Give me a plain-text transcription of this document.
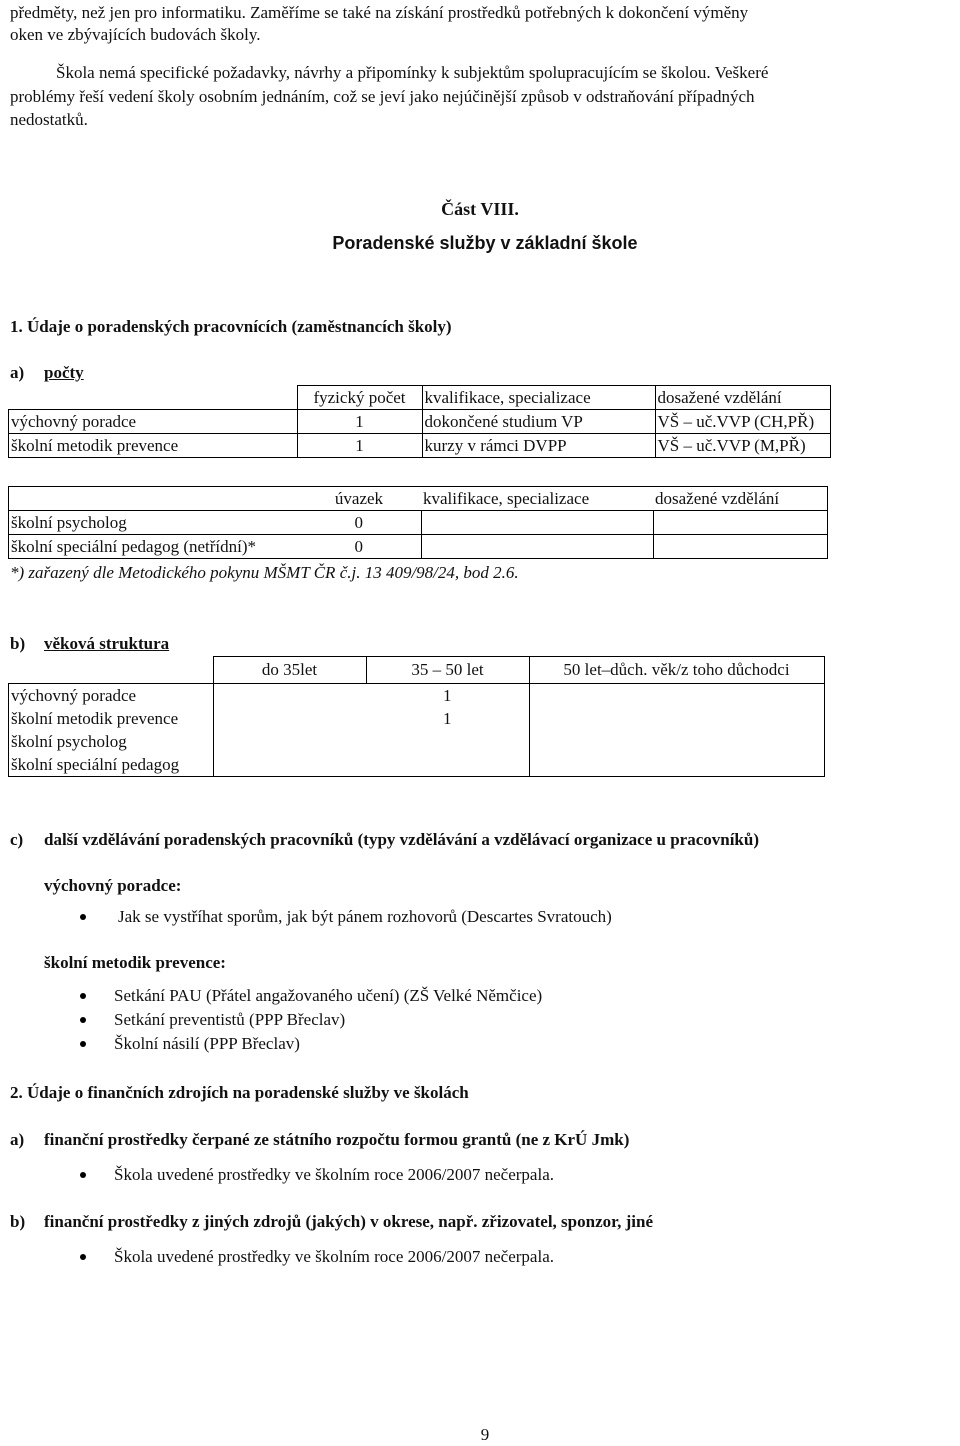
předměty, než jen pro informatiku. Zaměříme se také na získání prostředků potřebných k dokončení výměny
oken ve zbývajících budovách školy.
Škola nemá specifické požadavky, návrhy a připomínky k subjektům spolupracujícím se školou. Veškeré
problémy řeší vedení školy osobním jednáním, což se jeví jako nejúčinější způsob v odstraňování případných
nedostatků.
Část VIII.
Poradenské služby v základní škole
1. Údaje o poradenských pracovnících (zaměstnancích školy)
a) počty
	fyzický počet	kvalifikace, specializace	dosažené vzdělání
výchovný poradce	1	dokončené studium VP	VŠ – uč.VVP (CH,PŘ)
školní metodik prevence	1	kurzy v rámci DVPP	VŠ – uč.VVP (M,PŘ)
	úvazek	kvalifikace, specializace	dosažené vzdělání
školní psycholog	0		
školní speciální pedagog (netřídní)*	0		
*) zařazený dle Metodického pokynu MŠMT ČR č.j. 13 409/98/24, bod 2.6.
b) věková struktura
	do 35let	35 – 50 let	50 let–důch. věk/z toho důchodci
výchovný poradce		1	
školní metodik prevence		1	
školní psycholog			
školní speciální pedagog			
c) další vzdělávání poradenských pracovníků (typy vzdělávání a vzdělávací organizace u pracovníků)
výchovný poradce:
Jak se vystříhat sporům, jak být pánem rozhovorů (Descartes Svratouch)
školní metodik prevence:
Setkání PAU (Přátel angažovaného učení) (ZŠ Velké Němčice)
Setkání preventistů (PPP Břeclav)
Školní násilí (PPP Břeclav)
2. Údaje o finančních zdrojích na poradenské služby ve školách
a) finanční prostředky čerpané ze státního rozpočtu formou grantů (ne z KrÚ Jmk)
Škola uvedené prostředky ve školním roce 2006/2007 nečerpala.
b) finanční prostředky z jiných zdrojů (jakých) v okrese, např. zřizovatel, sponzor, jiné
Škola uvedené prostředky ve školním roce 2006/2007 nečerpala.
9
